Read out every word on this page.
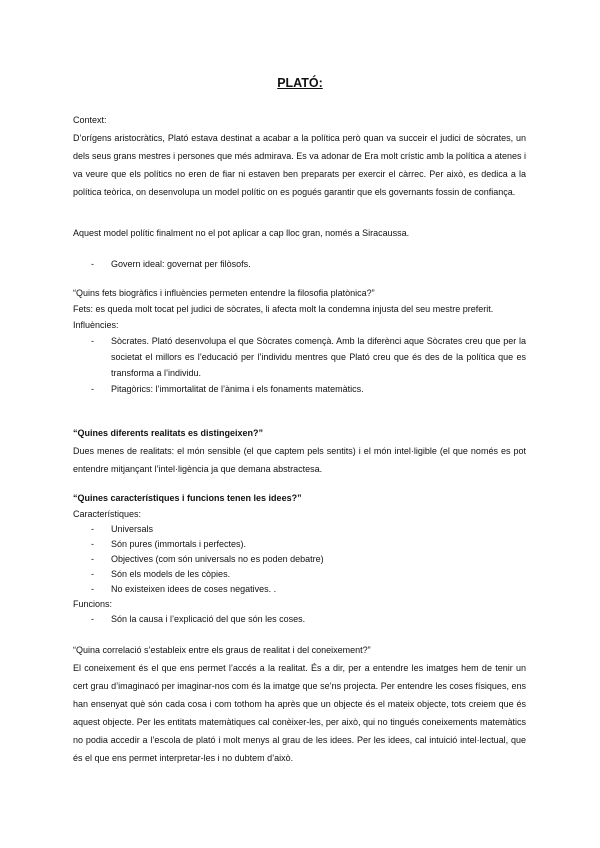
PLATÓ:
Context:
D’orígens aristocràtics, Plató estava destinat a acabar a la política però quan va succeir el judici de sòcrates, un dels seus grans mestres i persones que més admirava. Es va adonar de Era molt crístic amb la política a atenes i va veure que els polítics no eren de fiar ni estaven ben preparats per exercir el càrrec. Per això, es dedica a la política teòrica, on desenvolupa un model polític on es pogués garantir que els governants fossin de confiança.
Aquest model polític finalment no el pot aplicar a cap lloc gran, només a Siracaussa.
- Govern ideal: governat per filòsofs.
“Quins fets biogràfics i influències permeten entendre la filosofia platònica?”
Fets: es queda molt tocat pel judici de sòcrates, li afecta molt la condemna injusta del seu mestre preferit.
Influències:
- Sòcrates. Plató desenvolupa el que Sòcrates començà. Amb la diferènci aque Sòcrates creu que per la societat el millors es l’educació per l’individu mentres que Plató creu que és des de la política que es transforma a l’individu.
- Pitagòrics: l’immortalitat de l’ànima i els fonaments matemàtics.
“Quines diferents realitats es distingeixen?”
Dues menes de realitats: el món sensible (el que captem pels sentits) i el món intel·ligible (el que només es pot entendre mitjançant l’intel·ligència ja que demana abstractesa.
“Quines característiques i funcions tenen les idees?”
Característiques:
- Universals
- Són pures (immortals i perfectes).
- Objectives (com són universals no es poden debatre)
- Són els models de les còpies.
- No existeixen idees de coses negatives. .
Funcions:
- Són la causa i l’explicació del que són les coses.
“Quina correlació s’estableix entre els graus de realitat i del coneixement?”
El coneixement és el que ens permet l’accés a la realitat. És a dir, per a entendre les imatges hem de tenir un cert grau d’imaginacó per imaginar-nos com és la imatge que se’ns projecta. Per entendre les coses físiques, ens han ensenyat què són cada cosa i com tothom ha après que un objecte és el mateix objecte, tots creiem que és aquest objecte. Per les entitats matemàtiques cal conèixer-les, per això, qui no tingués coneixements matemàtics no podia accedir a l’escola de plató i molt menys al grau de les idees. Per les idees, cal intuició intel·lectual, que és el que ens permet interpretar-les i no dubtem d’això.
